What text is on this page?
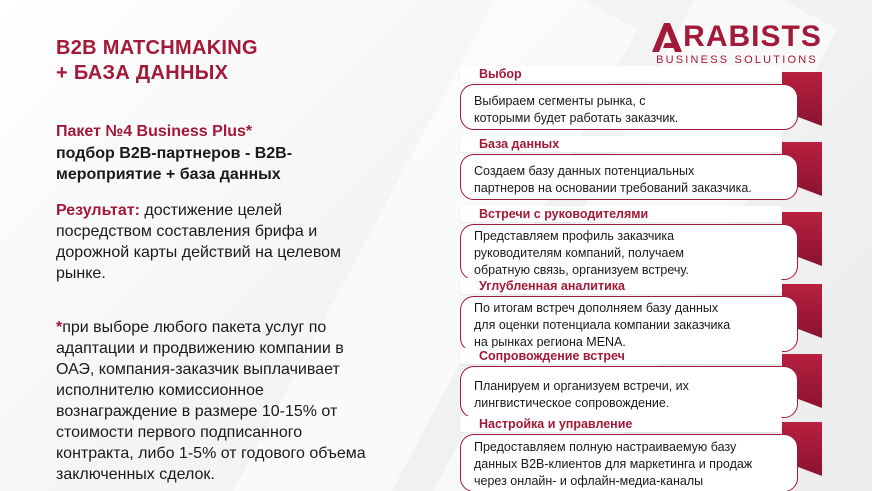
B2B MATCHMAKING
+ БАЗА ДАННЫХ
Пакет №4 Business Plus*
подбор B2B-партнеров - B2B-
мероприятие + база данных
Результат: достижение целей
посредством составления брифа и
дорожной карты действий на целевом
рынке.
*при выборе любого пакета услуг по
адаптации и продвижению компании в
ОАЭ, компания-заказчик выплачивает
исполнителю комиссионное
вознаграждение в размере 10-15% от
стоимости первого подписанного
контракта, либо 1-5% от годового объема
заключенных сделок.
RABISTS
BUSINESS SOLUTIONS
Выбор
Выбираем сегменты рынка, с
которыми будет работать заказчик.
База данных
Создаем базу данных потенциальных
партнеров на основании требований заказчика.
Встречи с руководителями
Представляем профиль заказчика
руководителям компаний, получаем
обратную связь, организуем встречу.
Углубленная аналитика
По итогам встреч дополняем базу данных
для оценки потенциала компании заказчика
на рынках региона MENA.
Сопровождение встреч
Планируем и организуем встречи, их
лингвистическое сопровождение.
Настройка и управление
Предоставляем полную настраиваемую базу
данных B2B-клиентов для маркетинга и продаж
через онлайн- и офлайн-медиа-каналы
